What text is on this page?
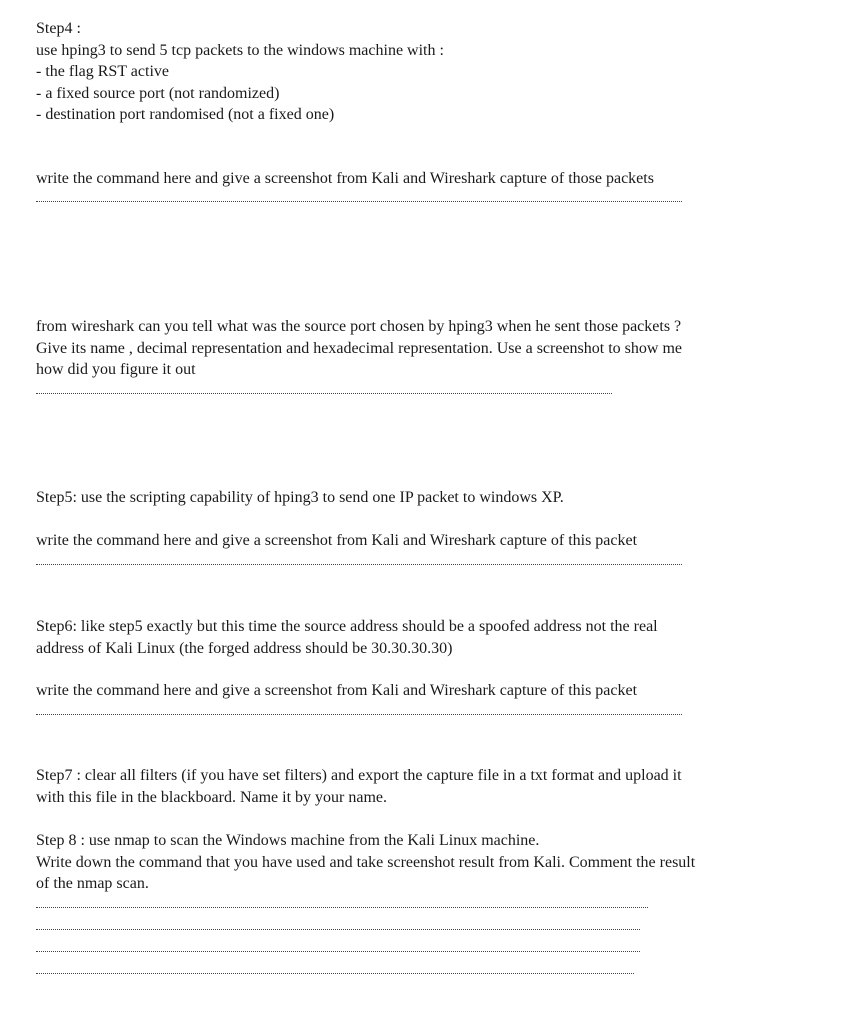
Step4 :
use hping3 to send 5 tcp packets to the windows machine with :
- the flag RST active
- a fixed source port (not randomized)
- destination port randomised (not a fixed one)
write the command here and give a screenshot from Kali and Wireshark capture of those packets
from wireshark can you tell what was the source port chosen by hping3 when he sent those packets ?
Give its name , decimal representation and hexadecimal representation. Use a screenshot to show me
how did you figure it out
Step5: use the scripting capability of hping3 to send one IP packet to windows XP.
write the command here and give a screenshot from Kali and Wireshark capture of this packet
Step6: like step5 exactly but this time the source address should be a spoofed address not the real
address of Kali Linux (the forged address should be 30.30.30.30)
write the command here and give a screenshot from Kali and Wireshark capture of this packet
Step7 : clear all filters (if you have set filters) and export the capture file in a txt format and upload it
with this file in the blackboard. Name it by your name.
Step 8 : use nmap to scan the Windows machine from the Kali Linux machine.
Write down the command that you have used and take screenshot result from Kali. Comment the result
of the nmap scan.
